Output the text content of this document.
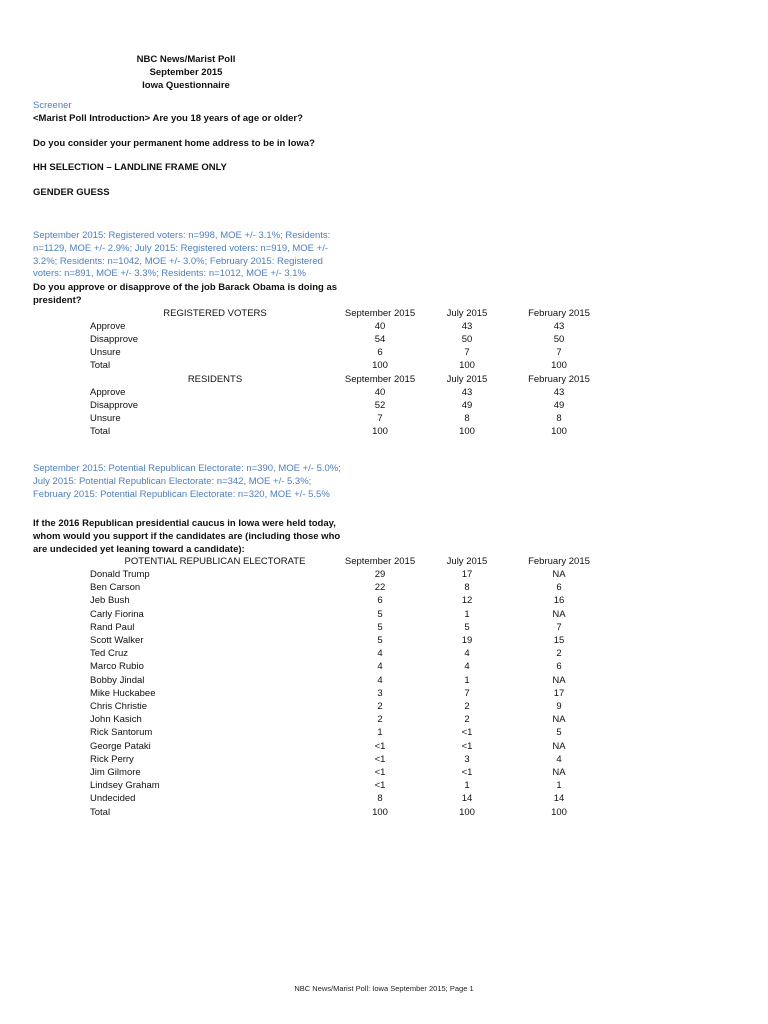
NBC News/Marist Poll
September 2015
Iowa Questionnaire
Screener
<Marist Poll Introduction> Are you 18 years of age or older?
Do you consider your permanent home address to be in Iowa?
HH SELECTION – LANDLINE FRAME ONLY
GENDER GUESS
September 2015: Registered voters: n=998, MOE +/- 3.1%; Residents: n=1129, MOE +/- 2.9%; July 2015: Registered voters: n=919, MOE +/- 3.2%; Residents: n=1042, MOE +/- 3.0%; February 2015: Registered voters: n=891, MOE +/- 3.3%; Residents: n=1012, MOE +/- 3.1%
Do you approve or disapprove of the job Barack Obama is doing as president?
REGISTERED VOTERS	September 2015	July 2015	February 2015
Approve	40	43	43
Disapprove	54	50	50
Unsure	6	7	7
Total	100	100	100
RESIDENTS	September 2015	July 2015	February 2015
Approve	40	43	43
Disapprove	52	49	49
Unsure	7	8	8
Total	100	100	100
September 2015: Potential Republican Electorate: n=390, MOE +/- 5.0%; July 2015: Potential Republican Electorate: n=342, MOE +/- 5.3%; February 2015: Potential Republican Electorate: n=320, MOE +/- 5.5%
If the 2016 Republican presidential caucus in Iowa were held today, whom would you support if the candidates are (including those who are undecided yet leaning toward a candidate):
POTENTIAL REPUBLICAN ELECTORATE	September 2015	July 2015	February 2015
Donald Trump	29	17	NA
Ben Carson	22	8	6
Jeb Bush	6	12	16
Carly Fiorina	5	1	NA
Rand Paul	5	5	7
Scott Walker	5	19	15
Ted Cruz	4	4	2
Marco Rubio	4	4	6
Bobby Jindal	4	1	NA
Mike Huckabee	3	7	17
Chris Christie	2	2	9
John Kasich	2	2	NA
Rick Santorum	1	<1	5
George Pataki	<1	<1	NA
Rick Perry	<1	3	4
Jim Gilmore	<1	<1	NA
Lindsey Graham	<1	1	1
Undecided	8	14	14
Total	100	100	100
NBC News/Marist Poll: Iowa September 2015; Page 1
